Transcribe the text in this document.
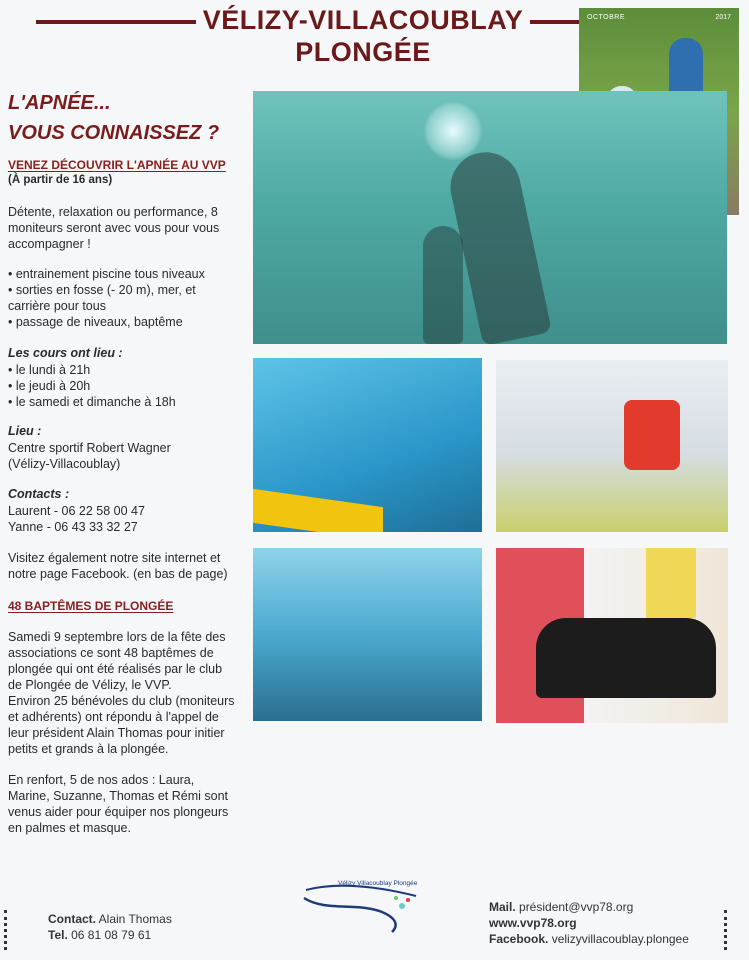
VÉLIZY-VILLACOUBLAY
PLONGÉE
OCTOBRE	2017
L'APNÉE...
VOUS CONNAISSEZ ?
VENEZ DÉCOUVRIR L'APNÉE AU VVP
(À partir de 16 ans)
Détente, relaxation ou performance, 8 moniteurs seront avec vous pour vous accompagner !
• entrainement piscine tous niveaux
• sorties en fosse (- 20 m), mer, et carrière pour tous
• passage de niveaux, baptême
Les cours ont lieu :
• le lundi à 21h
• le jeudi à 20h
• le samedi et dimanche à 18h
Lieu :
Centre sportif Robert Wagner
(Vélizy-Villacoublay)
Contacts :
Laurent - 06 22 58 00 47
Yanne - 06 43 33 32 27
Visitez également notre site internet et notre page Facebook. (en bas de page)
48 BAPTÊMES DE PLONGÉE
Samedi 9 septembre lors de la fête des associations ce sont 48 baptêmes de plongée qui ont été réalisés par le club de Plongée de Vélizy, le VVP.
Environ 25 bénévoles du club (moniteurs et adhérents) ont répondu à l'appel de leur président Alain Thomas pour initier petits et grands à la plongée.
En renfort, 5 de nos ados : Laura, Marine, Suzanne, Thomas et Rémi sont venus aider pour équiper nos plongeurs en palmes et masque.
Contact. Alain Thomas
Tel. 06 81 08 79 61
Vélizy Villacoublay Plongée
Mail. président@vvp78.org
www.vvp78.org
Facebook. velizyvillacoublay.plongee
